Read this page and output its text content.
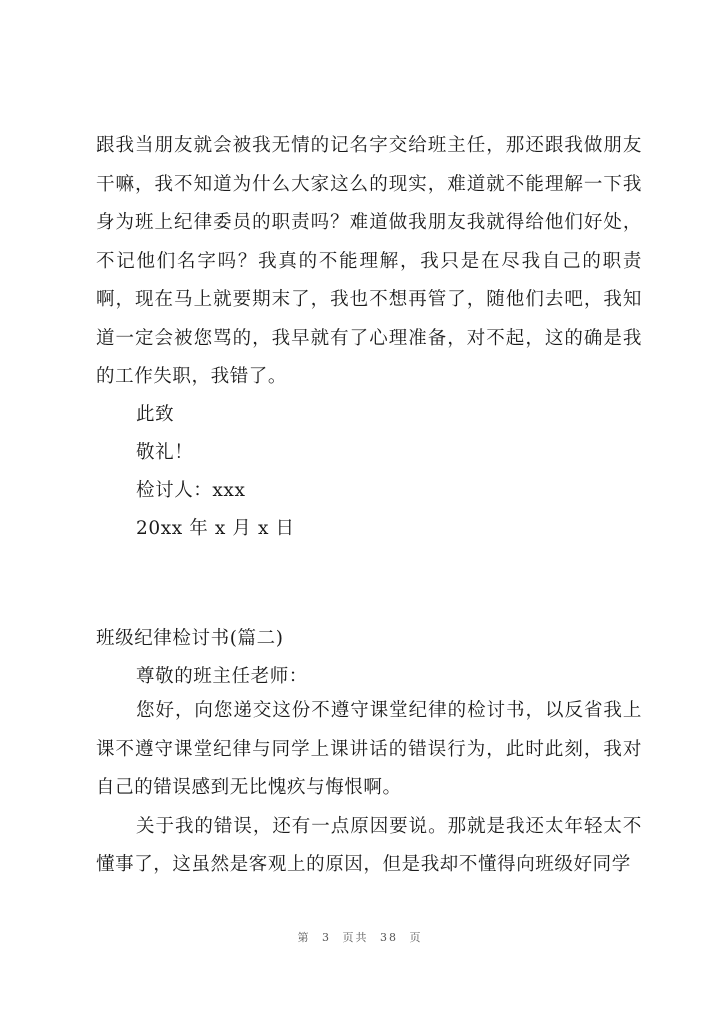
跟我当朋友就会被我无情的记名字交给班主任，那还跟我做朋友干嘛，我不知道为什么大家这么的现实，难道就不能理解一下我身为班上纪律委员的职责吗？难道做我朋友我就得给他们好处，不记他们名字吗？我真的不能理解，我只是在尽我自己的职责啊，现在马上就要期末了，我也不想再管了，随他们去吧，我知道一定会被您骂的，我早就有了心理准备，对不起，这的确是我的工作失职，我错了。

此致
敬礼！
检讨人：xxx
20xx 年 x 月 x 日
班级纪律检讨书(篇二)
尊敬的班主任老师：

您好，向您递交这份不遵守课堂纪律的检讨书，以反省我上课不遵守课堂纪律与同学上课讲话的错误行为，此时此刻，我对自己的错误感到无比愧疚与悔恨啊。

关于我的错误，还有一点原因要说。那就是我还太年轻太不懂事了，这虽然是客观上的原因，但是我却不懂得向班级好同学

第 3 页共 38 页
